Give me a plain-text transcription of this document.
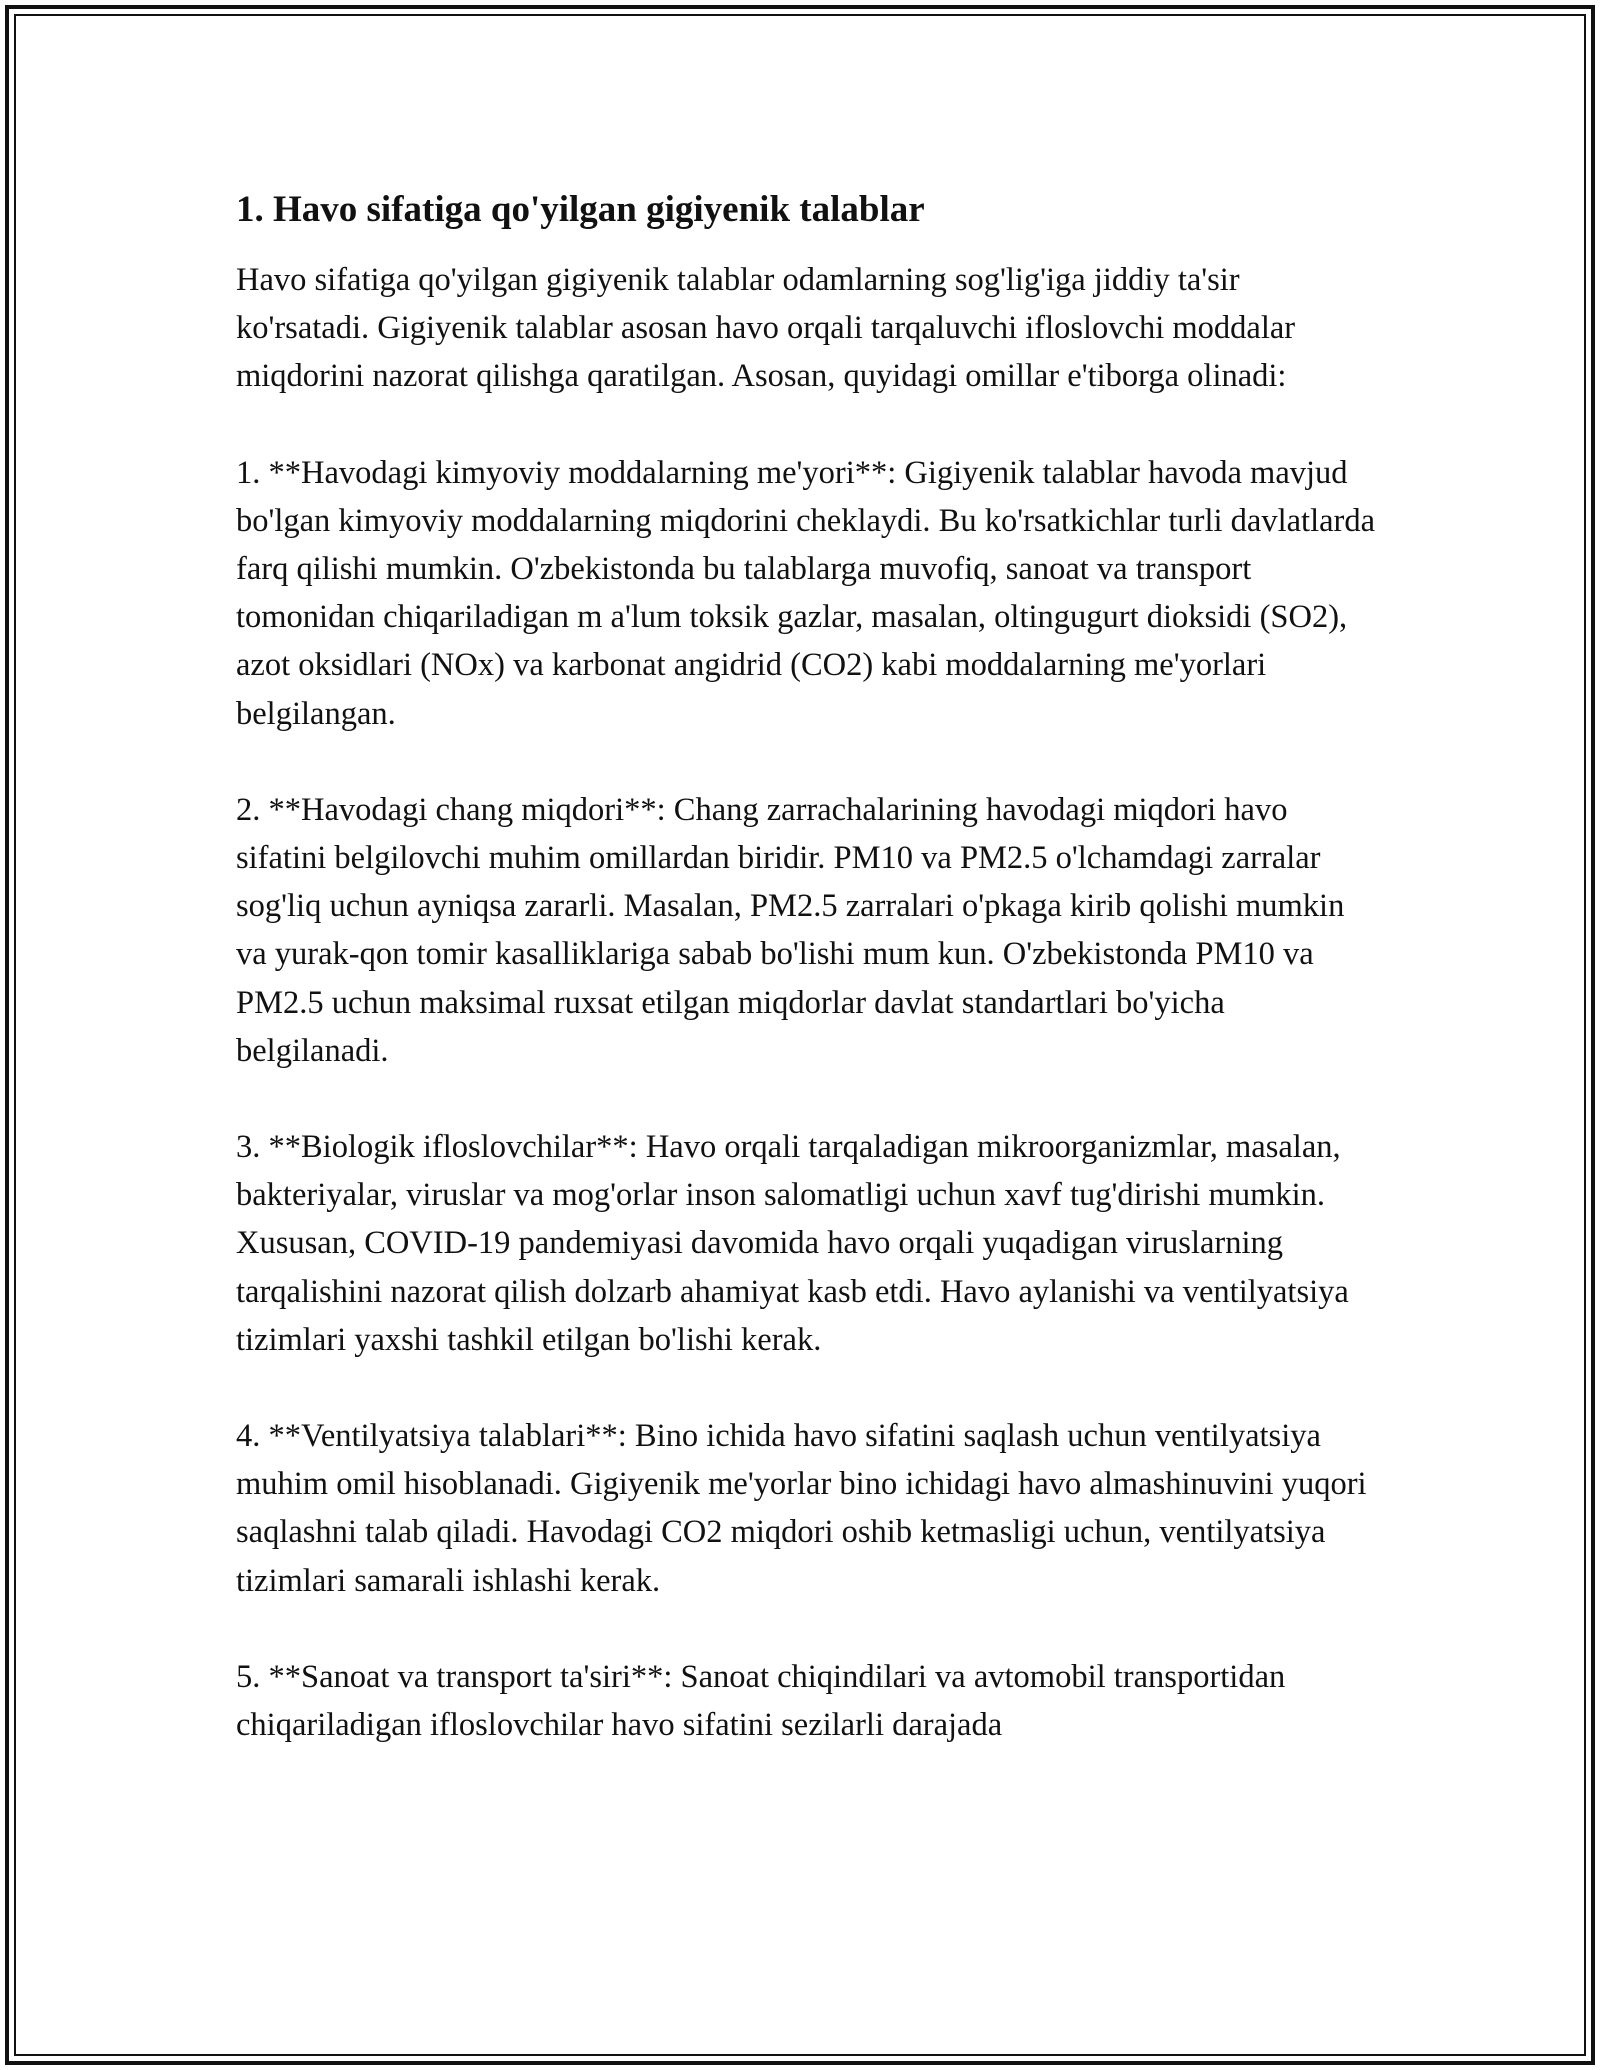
1. Havo sifatiga qo'yilgan gigiyenik talablar

Havo sifatiga qo'yilgan gigiyenik talablar odamlarning sog'lig'iga jiddiy ta'sir ko'rsatadi. Gigiyenik talablar asosan havo orqali tarqaluvchi ifloslovchi moddalar miqdorini nazorat qilishga qaratilgan. Asosan, quyidagi omillar e'tiborga olinadi:

1. **Havodagi kimyoviy moddalarning me'yori**: Gigiyenik talablar havoda mavjud bo'lgan kimyoviy moddalarning miqdorini cheklaydi. Bu ko'rsatkichlar turli davlatlarda farq qilishi mumkin. O'zbekistonda bu talablarga muvofiq, sanoat va transport tomonidan chiqariladigan m a'lum toksik gazlar, masalan, oltingugurt dioksidi (SO2), azot oksidlari (NOx) va karbonat angidrid (CO2) kabi moddalarning me'yorlari belgilangan.

2. **Havodagi chang miqdori**: Chang zarrachalarining havodagi miqdori havo sifatini belgilovchi muhim omillardan biridir. PM10 va PM2.5 o'lchamdagi zarralar sog'liq uchun ayniqsa zararli. Masalan, PM2.5 zarralari o'pkaga kirib qolishi mumkin va yurak-qon tomir kasalliklariga sabab bo'lishi mum kun. O'zbekistonda PM10 va PM2.5 uchun maksimal ruxsat etilgan miqdorlar davlat standartlari bo'yicha belgilanadi.

3. **Biologik ifloslovchilar**: Havo orqali tarqaladigan mikroorganizmlar, masalan, bakteriyalar, viruslar va mog'orlar inson salomatligi uchun xavf tug'dirishi mumkin. Xususan, COVID-19 pandemiyasi davomida havo orqali yuqadigan viruslarning tarqalishini nazorat qilish dolzarb ahamiyat kasb etdi. Havo aylanishi va ventilyatsiya tizimlari yaxshi tashkil etilgan bo'lishi kerak.

4. **Ventilyatsiya talablari**: Bino ichida havo sifatini saqlash uchun ventilyatsiya muhim omil hisoblanadi. Gigiyenik me'yorlar bino ichidagi havo almashinuvini yuqori saqlashni talab qiladi. Havodagi CO2 miqdori oshib ketmasligi uchun, ventilyatsiya tizimlari samarali ishlashi kerak.

5. **Sanoat va transport ta'siri**: Sanoat chiqindilari va avtomobil transportidan chiqariladigan ifloslovchilar havo sifatini sezilarli darajada
